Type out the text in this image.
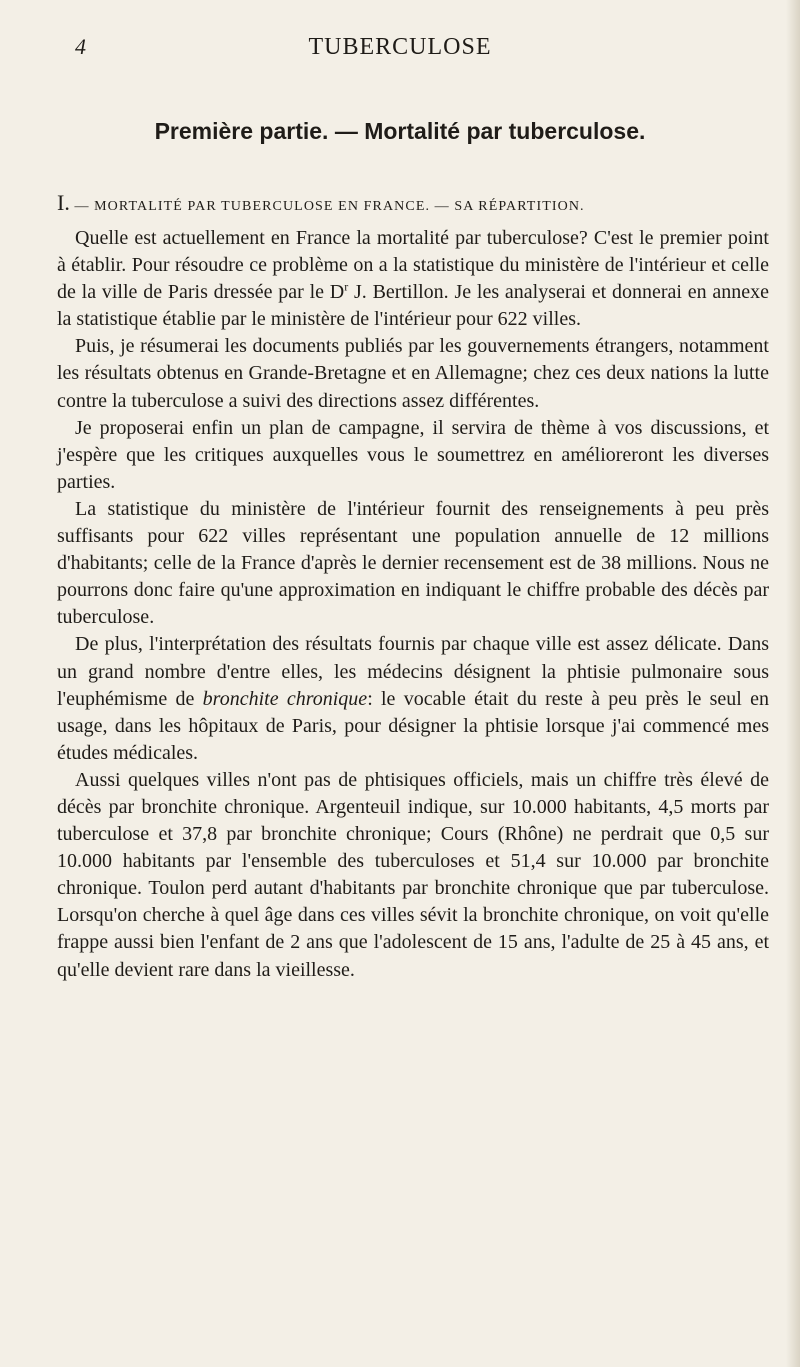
4	TUBERCULOSE
Première partie. — Mortalité par tuberculose.
I. — MORTALITÉ PAR TUBERCULOSE EN FRANCE. — SA RÉPARTITION.

Quelle est actuellement en France la mortalité par tuberculose? C'est le premier point à établir. Pour résoudre ce problème on a la statistique du ministère de l'intérieur et celle de la ville de Paris dressée par le $D^r$ J. Bertillon. Je les analyserai et donnerai en annexe la statistique établie par le ministère de l'intérieur pour 622 villes.

Puis, je résumerai les documents publiés par les gouvernements étrangers, notamment les résultats obtenus en Grande-Bretagne et en Allemagne; chez ces deux nations la lutte contre la tuberculose a suivi des directions assez différentes.

Je proposerai enfin un plan de campagne, il servira de thème à vos discussions, et j'espère que les critiques auxquelles vous le soumettrez en amélioreront les diverses parties.

La statistique du ministère de l'intérieur fournit des renseignements à peu près suffisants pour 622 villes représentant une population annuelle de 12 millions d'habitants; celle de la France d'après le dernier recensement est de 38 millions. Nous ne pourrons donc faire qu'une approximation en indiquant le chiffre probable des décès par tuberculose.

De plus, l'interprétation des résultats fournis par chaque ville est assez délicate. Dans un grand nombre d'entre elles, les médecins désignent la phtisie pulmonaire sous l'euphémisme de bronchite chronique: le vocable était du reste à peu près le seul en usage, dans les hôpitaux de Paris, pour désigner la phtisie lorsque j'ai commencé mes études médicales.

Aussi quelques villes n'ont pas de phtisiques officiels, mais un chiffre très élevé de décès par bronchite chronique. Argenteuil indique, sur 10.000 habitants, 4,5 morts par tuberculose et 37,8 par bronchite chronique; Cours (Rhône) ne perdrait que 0,5 sur 10.000 habitants par l'ensemble des tuberculoses et 51,4 sur 10.000 par bronchite chronique. Toulon perd autant d'habitants par bronchite chronique que par tuberculose. Lorsqu'on cherche à quel âge dans ces villes sévit la bronchite chronique, on voit qu'elle frappe aussi bien l'enfant de 2 ans que l'adolescent de 15 ans, l'adulte de 25 à 45 ans, et qu'elle devient rare dans la vieillesse.
